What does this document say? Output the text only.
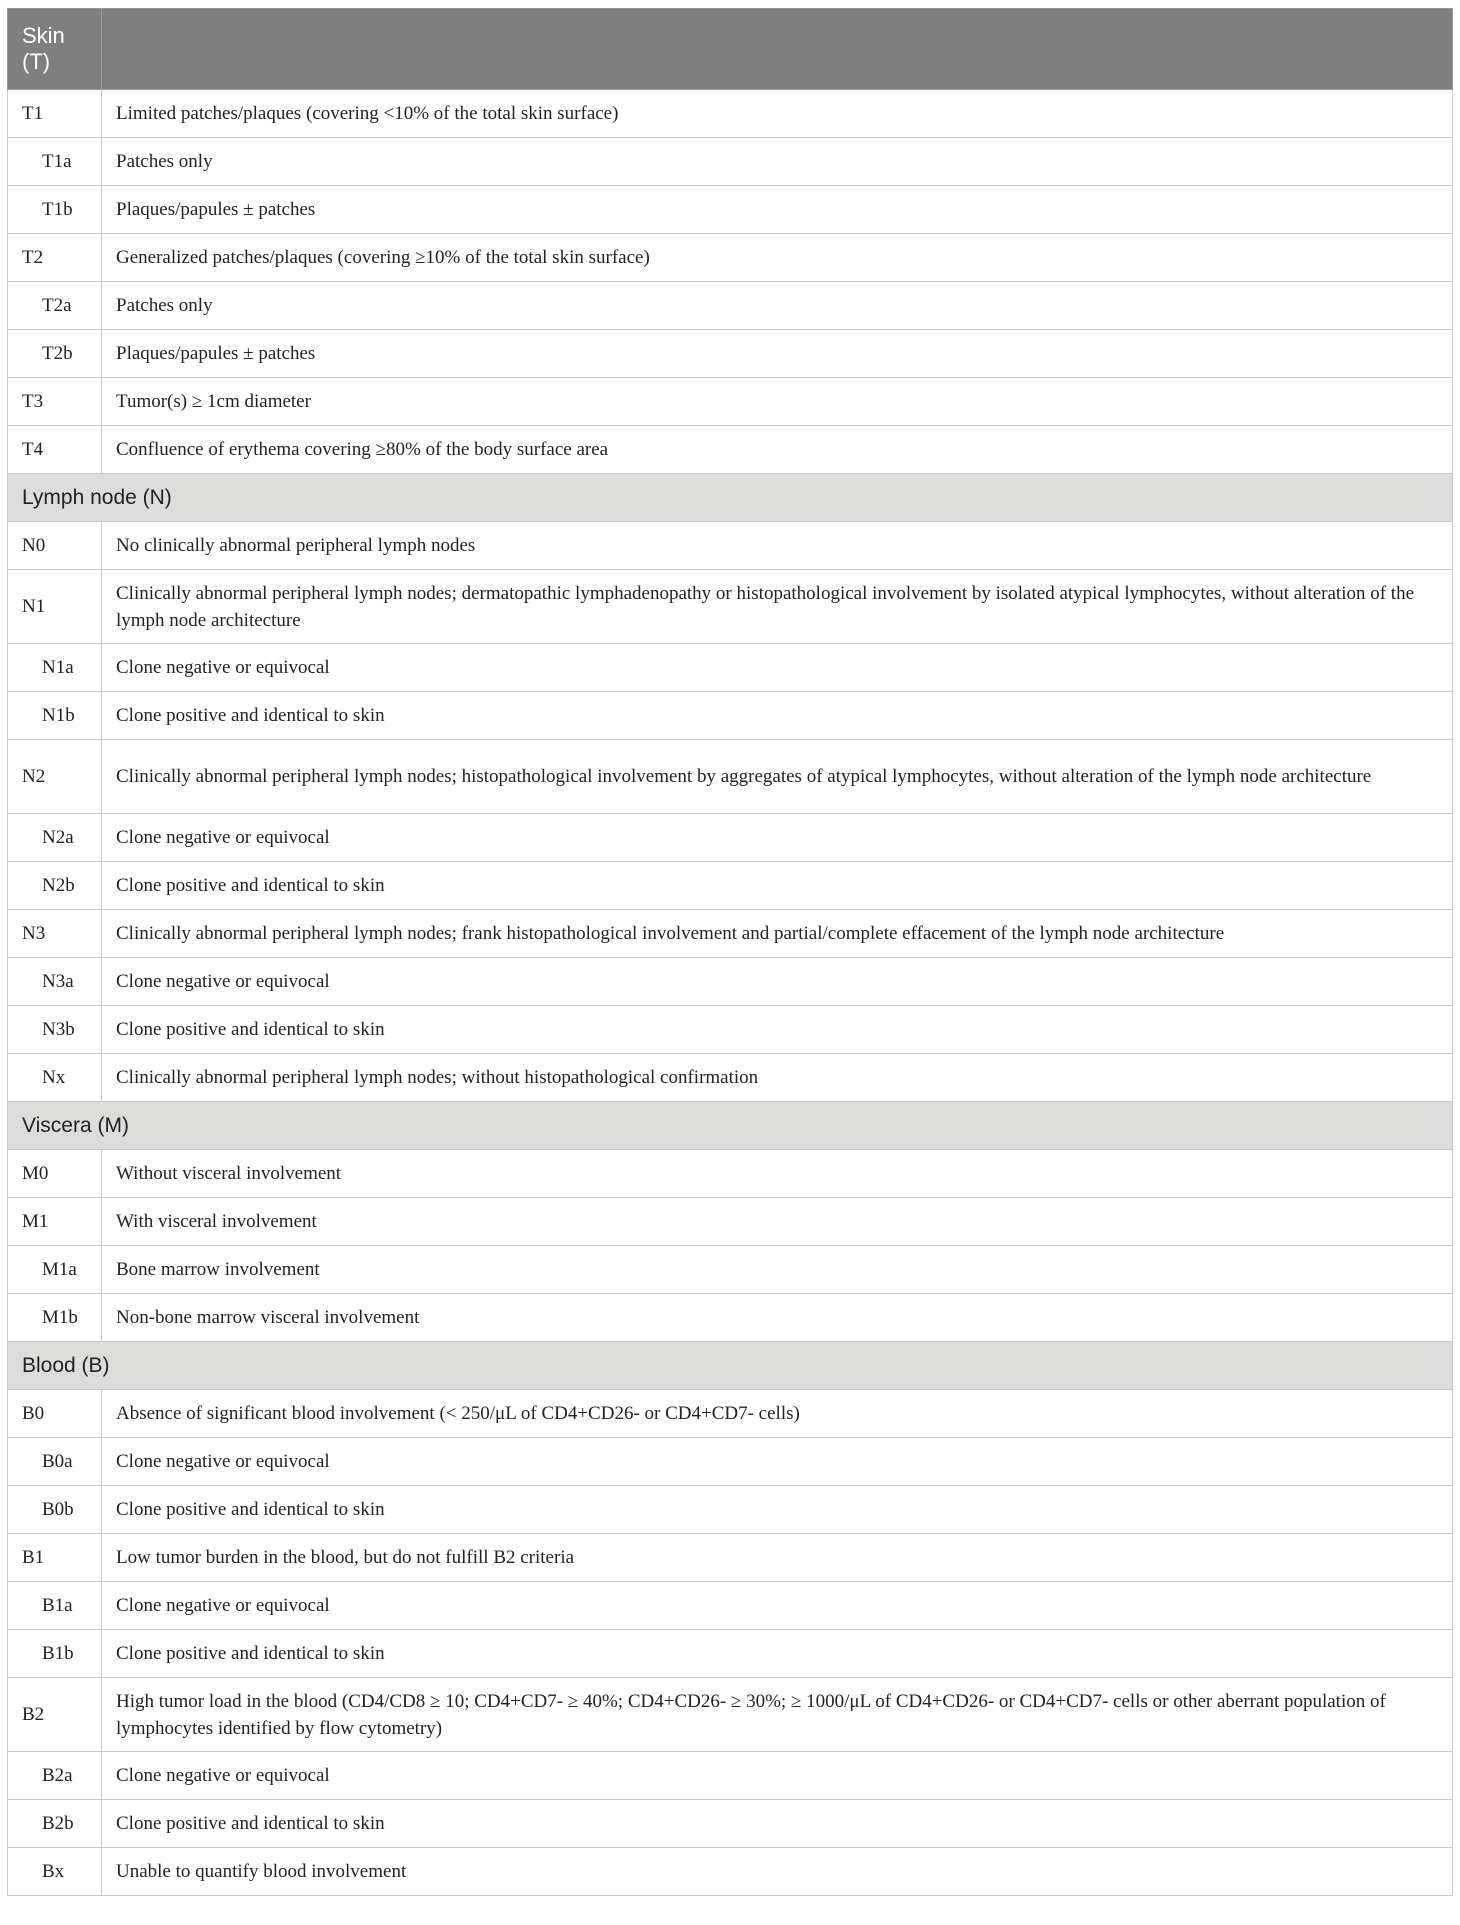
Skin (T)	

T1	Limited patches/plaques (covering <10% of the total skin surface)
T1a	Patches only
T1b	Plaques/papules ± patches
T2	Generalized patches/plaques (covering ≥10% of the total skin surface)
T2a	Patches only
T2b	Plaques/papules ± patches
T3	Tumor(s) ≥ 1cm diameter
T4	Confluence of erythema covering ≥80% of the body surface area
Lymph node (N)	
N0	No clinically abnormal peripheral lymph nodes
N1	Clinically abnormal peripheral lymph nodes; dermatopathic lymphadenopathy or histopathological involvement by isolated atypical lymphocytes, without alteration of the lymph node architecture
N1a	Clone negative or equivocal
N1b	Clone positive and identical to skin
N2	Clinically abnormal peripheral lymph nodes; histopathological involvement by aggregates of atypical lymphocytes, without alteration of the lymph node architecture
N2a	Clone negative or equivocal
N2b	Clone positive and identical to skin
N3	Clinically abnormal peripheral lymph nodes; frank histopathological involvement and partial/complete effacement of the lymph node architecture
N3a	Clone negative or equivocal
N3b	Clone positive and identical to skin
Nx	Clinically abnormal peripheral lymph nodes; without histopathological confirmation
Viscera (M)	
M0	Without visceral involvement
M1	With visceral involvement
M1a	Bone marrow involvement
M1b	Non-bone marrow visceral involvement
Blood (B)	
B0	Absence of significant blood involvement (< 250/μL of CD4+CD26- or CD4+CD7- cells)
B0a	Clone negative or equivocal
B0b	Clone positive and identical to skin
B1	Low tumor burden in the blood, but do not fulfill B2 criteria
B1a	Clone negative or equivocal
B1b	Clone positive and identical to skin
B2	High tumor load in the blood (CD4/CD8 ≥ 10; CD4+CD7- ≥ 40%; CD4+CD26- ≥ 30%; ≥ 1000/μL of CD4+CD26- or CD4+CD7- cells or other aberrant population of lymphocytes identified by flow cytometry)
B2a	Clone negative or equivocal
B2b	Clone positive and identical to skin
Bx	Unable to quantify blood involvement
